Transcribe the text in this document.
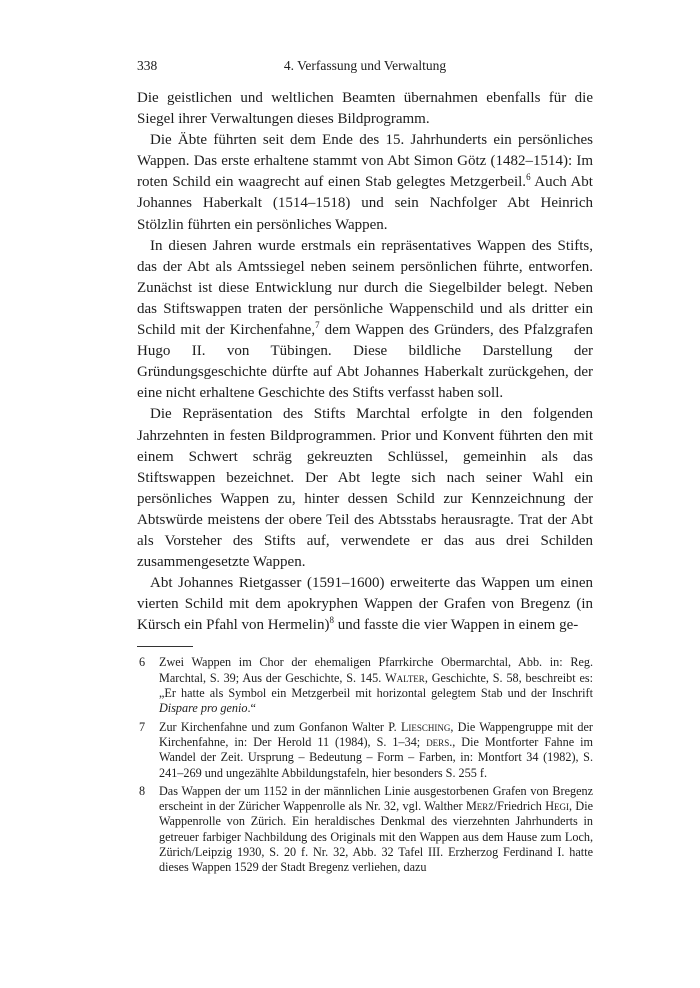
338	4. Verfassung und Verwaltung

Die geistlichen und weltlichen Beamten übernahmen ebenfalls für die Siegel ihrer Verwaltungen dieses Bildprogramm.

Die Äbte führten seit dem Ende des 15. Jahrhunderts ein persönliches Wappen. Das erste erhaltene stammt von Abt Simon Götz (1482–1514): Im roten Schild ein waagrecht auf einen Stab gelegtes Metzgerbeil.$^6$ Auch Abt Johannes Haberkalt (1514–1518) und sein Nachfolger Abt Heinrich Stölzlin führten ein persönliches Wappen.

In diesen Jahren wurde erstmals ein repräsentatives Wappen des Stifts, das der Abt als Amtssiegel neben seinem persönlichen führte, entworfen. Zunächst ist diese Entwicklung nur durch die Siegelbilder belegt. Neben das Stiftswappen traten der persönliche Wappenschild und als dritter ein Schild mit der Kirchenfahne,$^7$ dem Wappen des Gründers, des Pfalzgrafen Hugo II. von Tübingen. Diese bildliche Darstellung der Gründungsgeschichte dürfte auf Abt Johannes Haberkalt zurückgehen, der eine nicht erhaltene Geschichte des Stifts verfasst haben soll.

Die Repräsentation des Stifts Marchtal erfolgte in den folgenden Jahrzehnten in festen Bildprogrammen. Prior und Konvent führten den mit einem Schwert schräg gekreuzten Schlüssel, gemeinhin als das Stiftswappen bezeichnet. Der Abt legte sich nach seiner Wahl ein persönliches Wappen zu, hinter dessen Schild zur Kennzeichnung der Abtswürde meistens der obere Teil des Abtsstabs herausragte. Trat der Abt als Vorsteher des Stifts auf, verwendete er das aus drei Schilden zusammengesetzte Wappen.

Abt Johannes Rietgasser (1591–1600) erweiterte das Wappen um einen vierten Schild mit dem apokryphen Wappen der Grafen von Bregenz (in Kürsch ein Pfahl von Hermelin)$^8$ und fasste die vier Wappen in einem ge-

6	Zwei Wappen im Chor der ehemaligen Pfarrkirche Obermarchtal, Abb. in: Reg. Marchtal, S. 39; Aus der Geschichte, S. 145. Walter, Geschichte, S. 58, beschreibt es: „Er hatte als Symbol ein Metzgerbeil mit horizontal gelegtem Stab und der Inschrift Dispare pro genio.“
7	Zur Kirchenfahne und zum Gonfanon Walter P. Liesching, Die Wappengruppe mit der Kirchenfahne, in: Der Herold 11 (1984), S. 1–34; ders., Die Montforter Fahne im Wandel der Zeit. Ursprung – Bedeutung – Form – Farben, in: Montfort 34 (1982), S. 241–269 und ungezählte Abbildungstafeln, hier besonders S. 255 f.
8	Das Wappen der um 1152 in der männlichen Linie ausgestorbenen Grafen von Bregenz erscheint in der Züricher Wappenrolle als Nr. 32, vgl. Walther Merz/Friedrich Hegi, Die Wappenrolle von Zürich. Ein heraldisches Denkmal des vierzehnten Jahrhunderts in getreuer farbiger Nachbildung des Originals mit den Wappen aus dem Hause zum Loch, Zürich/Leipzig 1930, S. 20 f. Nr. 32, Abb. 32 Tafel III. Erzherzog Ferdinand I. hatte dieses Wappen 1529 der Stadt Bregenz verliehen, dazu
